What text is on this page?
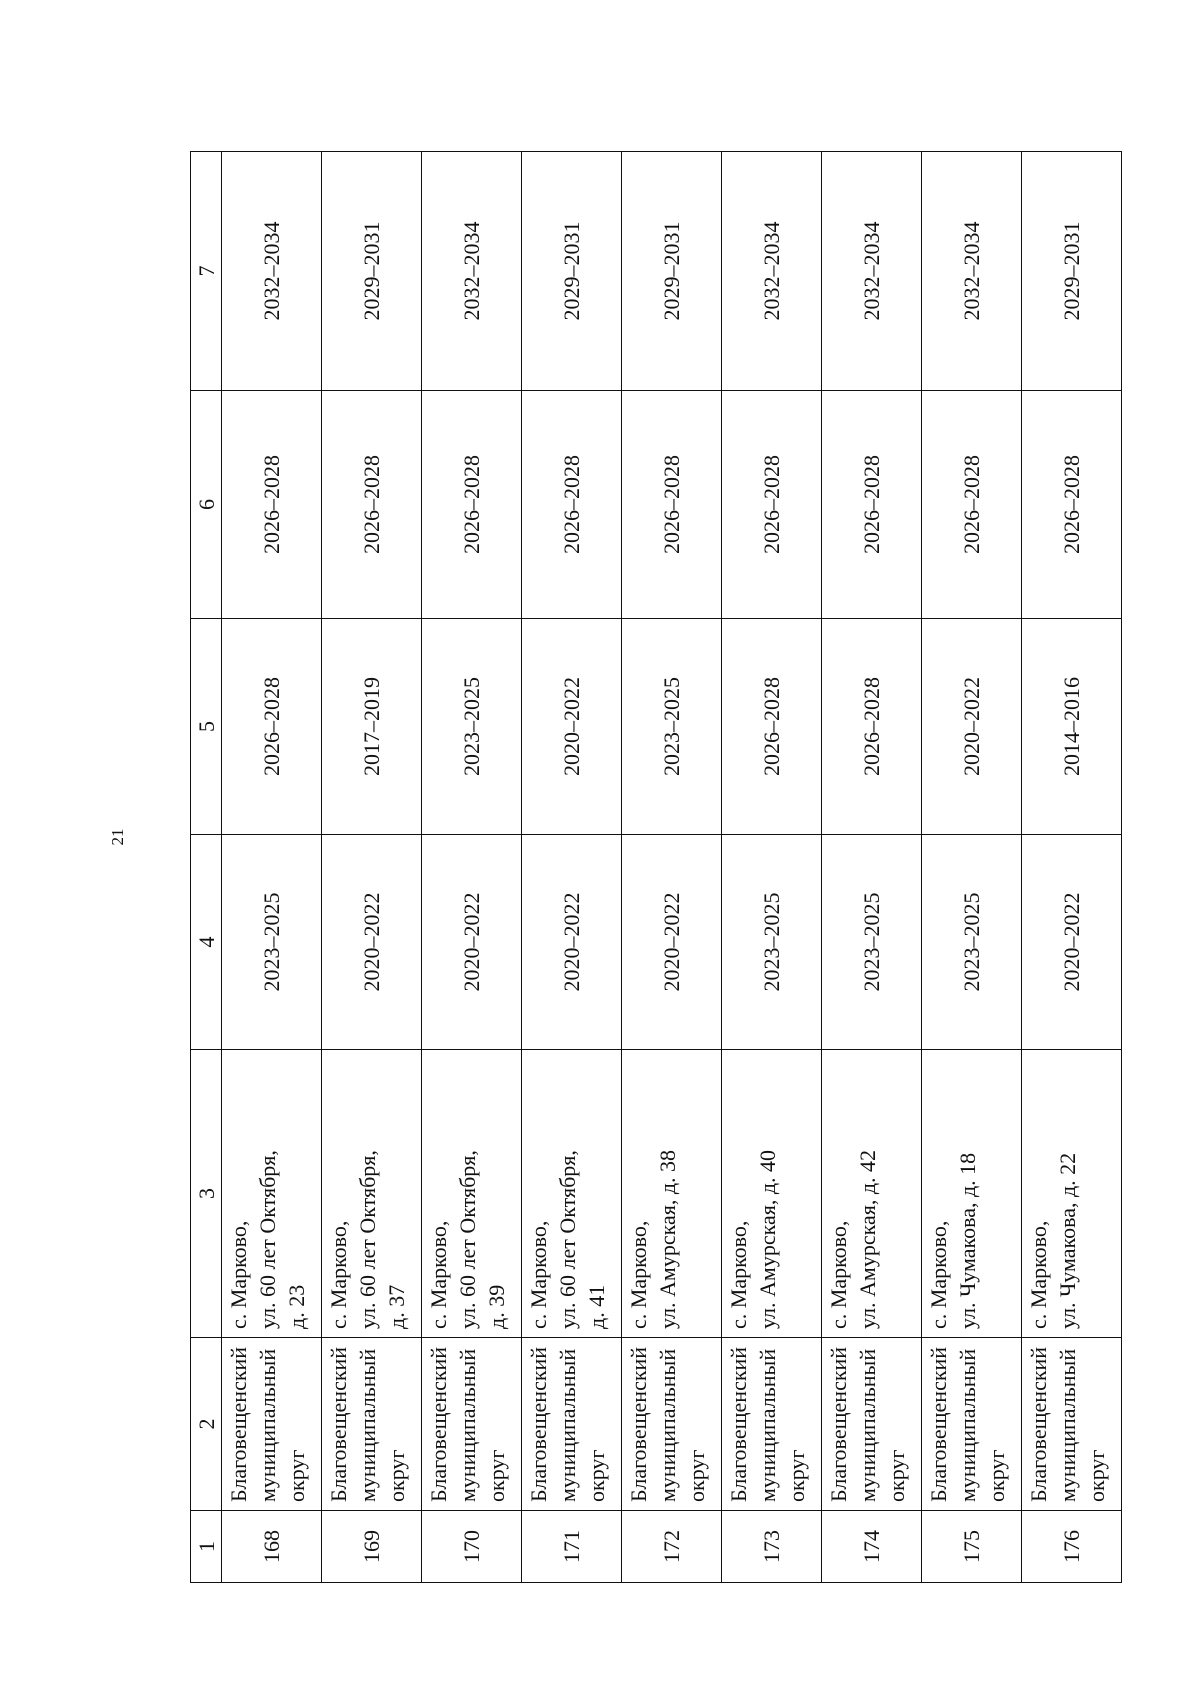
21
1	2	3	4	5	6	7
168	Благовещенский муниципальный округ	с. Марково, ул. 60 лет Октября, д. 23	2023–2025	2026–2028	2026–2028	2032–2034
169	Благовещенский муниципальный округ	с. Марково, ул. 60 лет Октября, д. 37	2020–2022	2017–2019	2026–2028	2029–2031
170	Благовещенский муниципальный округ	с. Марково, ул. 60 лет Октября, д. 39	2020–2022	2023–2025	2026–2028	2032–2034
171	Благовещенский муниципальный округ	с. Марково, ул. 60 лет Октября, д. 41	2020–2022	2020–2022	2026–2028	2029–2031
172	Благовещенский муниципальный округ	с. Марково, ул. Амурская, д. 38	2020–2022	2023–2025	2026–2028	2029–2031
173	Благовещенский муниципальный округ	с. Марково, ул. Амурская, д. 40	2023–2025	2026–2028	2026–2028	2032–2034
174	Благовещенский муниципальный округ	с. Марково, ул. Амурская, д. 42	2023–2025	2026–2028	2026–2028	2032–2034
175	Благовещенский муниципальный округ	с. Марково, ул. Чумакова, д. 18	2023–2025	2020–2022	2026–2028	2032–2034
176	Благовещенский муниципальный округ	с. Марково, ул. Чумакова, д. 22	2020–2022	2014–2016	2026–2028	2029–2031
